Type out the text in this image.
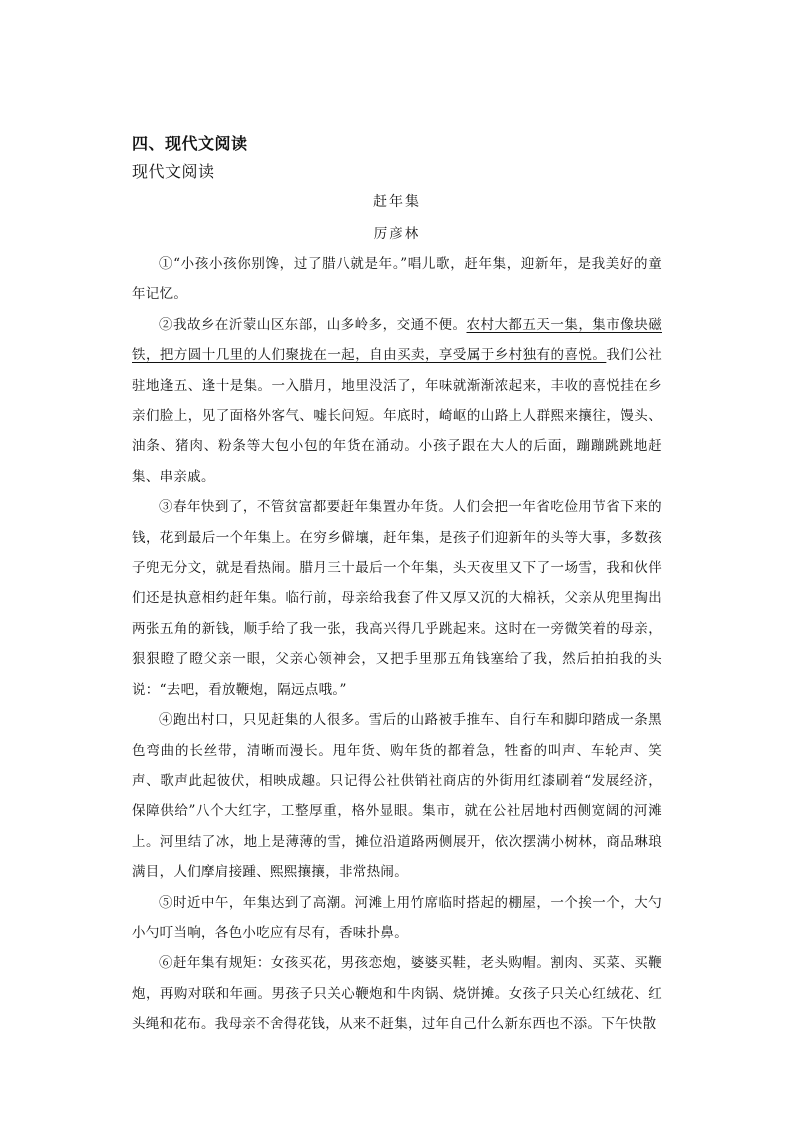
四、现代文阅读
现代文阅读
赶年集
厉彦林

①“小孩小孩你别馋，过了腊八就是年。”唱儿歌，赶年集，迎新年，是我美好的童年记忆。

②我故乡在沂蒙山区东部，山多岭多，交通不便。农村大都五天一集，集市像块磁铁，把方圆十几里的人们聚拢在一起，自由买卖，享受属于乡村独有的喜悦。我们公社驻地逢五、逢十是集。一入腊月，地里没活了，年味就渐渐浓起来，丰收的喜悦挂在乡亲们脸上，见了面格外客气、嘘长问短。年底时，崎岖的山路上人群熙来攘往，馒头、油条、猪肉、粉条等大包小包的年货在涌动。小孩子跟在大人的后面，蹦蹦跳跳地赶集、串亲戚。

③春年快到了，不管贫富都要赶年集置办年货。人们会把一年省吃俭用节省下来的钱，花到最后一个年集上。在穷乡僻壤，赶年集，是孩子们迎新年的头等大事，多数孩子兜无分文，就是看热闹。腊月三十最后一个年集，头天夜里又下了一场雪，我和伙伴们还是执意相约赶年集。临行前，母亲给我套了件又厚又沉的大棉袄，父亲从兜里掏出两张五角的新钱，顺手给了我一张，我高兴得几乎跳起来。这时在一旁微笑着的母亲，狠狠瞪了瞪父亲一眼，父亲心领神会，又把手里那五角钱塞给了我，然后拍拍我的头说：“去吧，看放鞭炮，隔远点哦。”

④跑出村口，只见赶集的人很多。雪后的山路被手推车、自行车和脚印踏成一条黑色弯曲的长丝带，清晰而漫长。甩年货、购年货的都着急，牲畜的叫声、车轮声、笑声、歌声此起彼伏，相映成趣。只记得公社供销社商店的外街用红漆刷着“发展经济，保障供给”八个大红字，工整厚重，格外显眼。集市，就在公社居地村西侧宽阔的河滩上。河里结了冰，地上是薄薄的雪，摊位沿道路两侧展开，依次摆满小树林，商品琳琅满目，人们摩肩接踵、熙熙攘攘，非常热闹。

⑤时近中午，年集达到了高潮。河滩上用竹席临时搭起的棚屋，一个挨一个，大勺小勺叮当响，各色小吃应有尽有，香味扑鼻。

⑥赶年集有规矩：女孩买花，男孩恋炮，婆婆买鞋，老头购帽。割肉、买菜、买鞭炮，再购对联和年画。男孩子只关心鞭炮和牛肉锅、烧饼摊。女孩子只关心红绒花、红头绳和花布。我母亲不舍得花钱，从来不赶集，过年自己什么新东西也不添。下午快散
